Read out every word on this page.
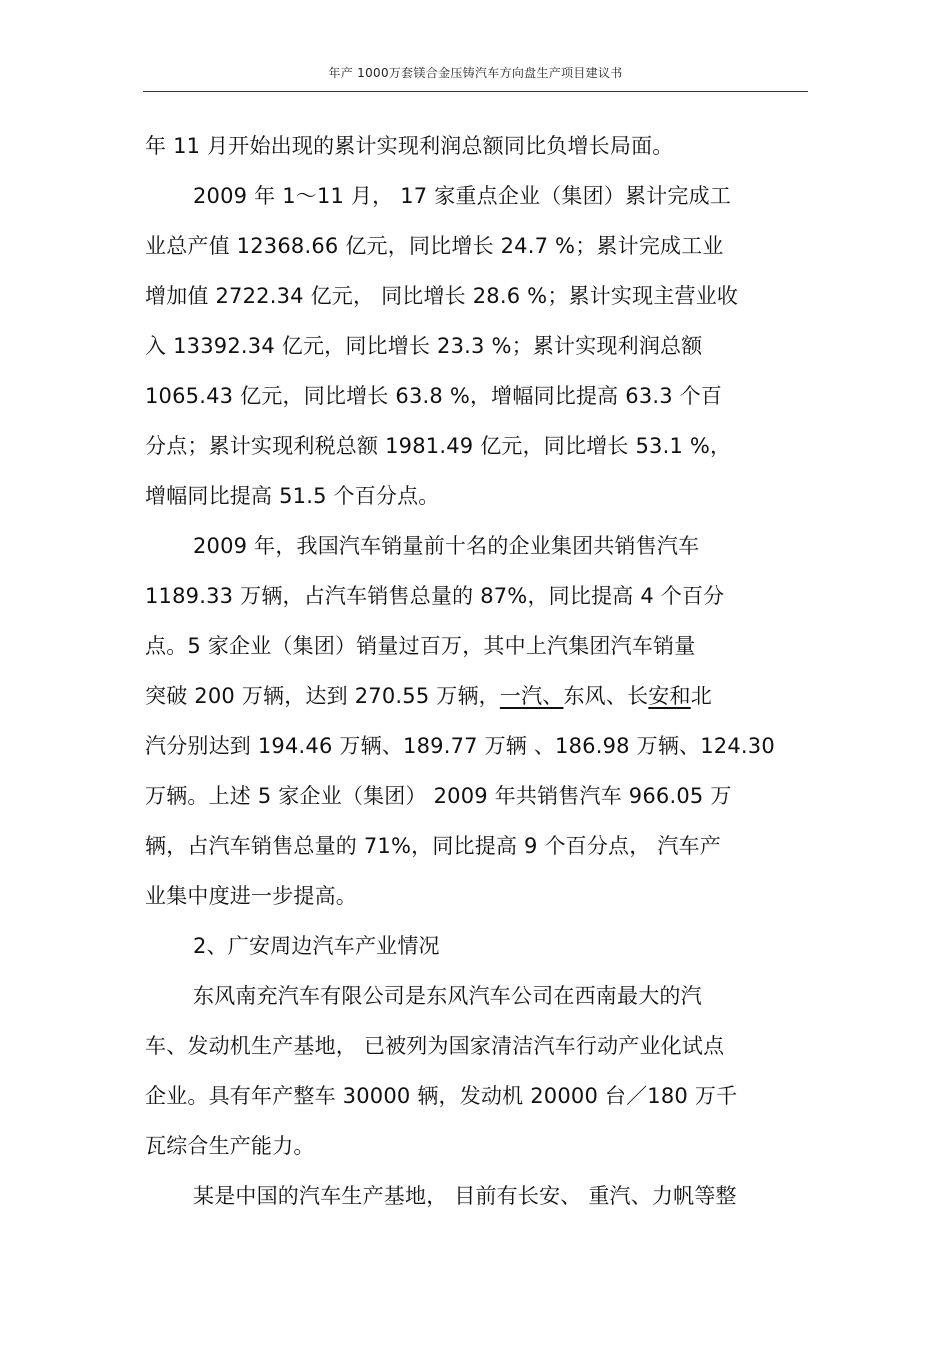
年产 1000万套镁合金压铸汽车方向盘生产项目建议书
年 11 月开始出现的累计实现利润总额同比负增长局面。
2009 年 1～11 月， 17 家重点企业（集团）累计完成工
业总产值 12368.66 亿元，同比增长 24.7 %；累计完成工业
增加值 2722.34 亿元， 同比增长 28.6 %；累计实现主营业收
入 13392.34 亿元，同比增长 23.3 %；累计实现利润总额
1065.43 亿元，同比增长 63.8 %，增幅同比提高 63.3 个百
分点；累计实现利税总额 1981.49 亿元，同比增长 53.1 %，
增幅同比提高 51.5 个百分点。
2009 年，我国汽车销量前十名的企业集团共销售汽车
1189.33 万辆，占汽车销售总量的 87%，同比提高 4 个百分
点。5 家企业（集团）销量过百万，其中上汽集团汽车销量
突破 200 万辆，达到 270.55 万辆，一汽、东风、长安和北
汽分别达到 194.46 万辆、189.77 万辆 、186.98 万辆、124.30
万辆。上述 5 家企业（集团） 2009 年共销售汽车 966.05 万
辆，占汽车销售总量的 71%，同比提高 9 个百分点， 汽车产
业集中度进一步提高。
2、广安周边汽车产业情况
东风南充汽车有限公司是东风汽车公司在西南最大的汽
车、发动机生产基地， 已被列为国家清洁汽车行动产业化试点
企业。具有年产整车 30000 辆，发动机 20000 台／180 万千
瓦综合生产能力。
某是中国的汽车生产基地， 目前有长安、 重汽、力帆等整
